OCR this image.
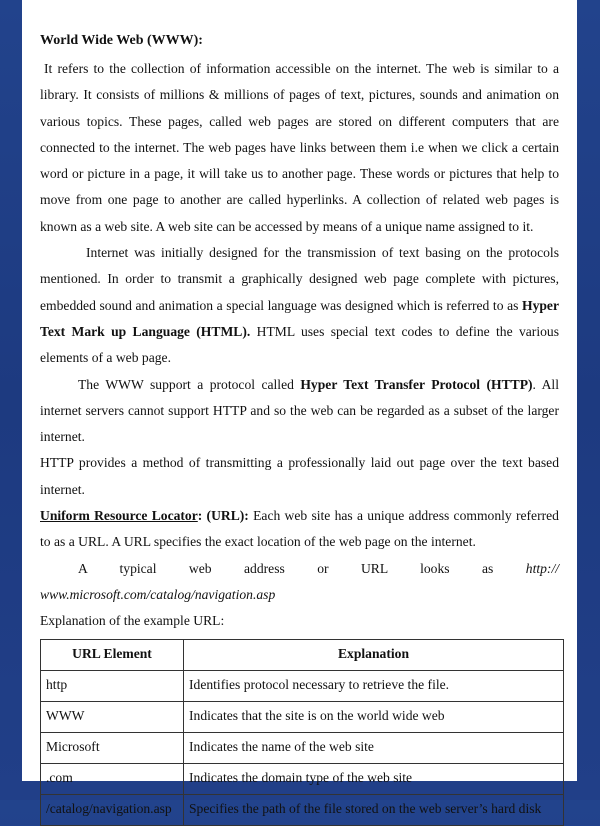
World Wide Web (WWW):

It refers to the collection of information accessible on the internet. The web is similar to a library. It consists of millions & millions of pages of text, pictures, sounds and animation on various topics. These pages, called web pages are stored on different computers that are connected to the internet. The web pages have links between them i.e when we click a certain word or picture in a page, it will take us to another page. These words or pictures that help to move from one page to another are called hyperlinks. A collection of related web pages is known as a web site. A web site can be accessed by means of a unique name assigned to it.

Internet was initially designed for the transmission of text basing on the protocols mentioned. In order to transmit a graphically designed web page complete with pictures, embedded sound and animation a special language was designed which is referred to as Hyper Text Mark up Language (HTML). HTML uses special text codes to define the various elements of a web page.

The WWW support a protocol called Hyper Text Transfer Protocol (HTTP). All internet servers cannot support HTTP and so the web can be regarded as a subset of the larger internet.

HTTP provides a method of transmitting a professionally laid out page over the text based internet.

Uniform Resource Locator: (URL): Each web site has a unique address commonly referred to as a URL. A URL specifies the exact location of the web page on the internet.

A typical web address or URL looks as http:// www.microsoft.com/catalog/navigation.asp

Explanation of the example URL:

URL Element	Explanation
http	Identifies protocol necessary to retrieve the file.
WWW	Indicates that the site is on the world wide web
Microsoft	Indicates the name of the web site
.com	Indicates the domain type of the web site
/catalog/navigation.asp	Specifies the path of the file stored on the web server’s hard disk
